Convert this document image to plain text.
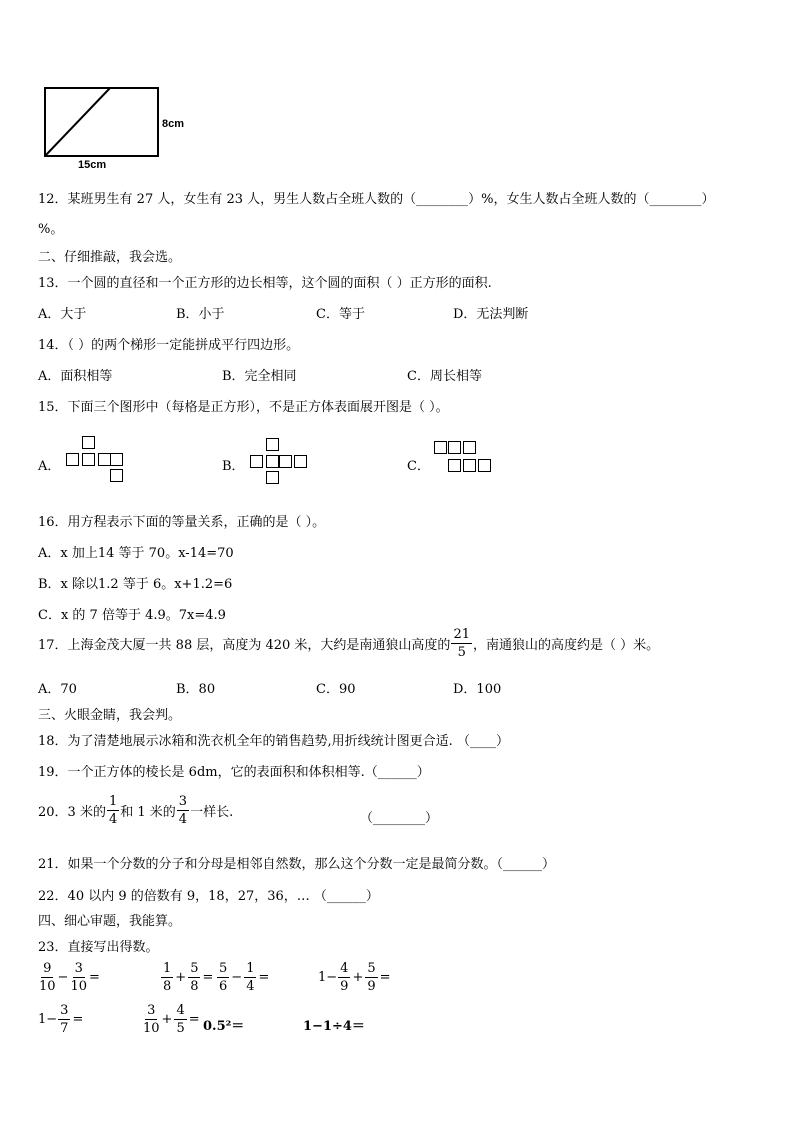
8cm
15cm
12．某班男生有 27 人，女生有 23 人，男生人数占全班人数的（________）%，女生人数占全班人数的（________）
%。
二、仔细推敲，我会选。
13．一个圆的直径和一个正方形的边长相等，这个圆的面积（ ）正方形的面积.
A．大于	B．小于	C．等于	D．无法判断
14．（ ）的两个梯形一定能拼成平行四边形。
A．面积相等	B．完全相同	C．周长相等
15．下面三个图形中（每格是正方形），不是正方体表面展开图是（ ）。
A．	B．	C．
16．用方程表示下面的等量关系，正确的是（ ）。
A．x 加上14 等于 70。x-14=70
B．x 除以1.2 等于 6。x+1.2=6
C．x 的 7 倍等于 4.9。7x=4.9
17．上海金茂大厦一共 88 层，高度为 420 米，大约是南通狼山高度的 $\frac{21}{5}$ ，南通狼山的高度约是（ ）米。
A．70	B．80	C．90	D．100
三、火眼金睛，我会判。
18．为了清楚地展示冰箱和洗衣机全年的销售趋势,用折线统计图更合适. （____）
19．一个正方体的棱长是 6dm，它的表面积和体积相等.（______）
20．3 米的 $\frac{1}{4}$ 和 1 米的 $\frac{3}{4}$ 一样长.	（________）
21．如果一个分数的分子和分母是相邻自然数，那么这个分数一定是最简分数。（______）
22．40 以内 9 的倍数有 9，18，27，36，… （______）
四、细心审题，我能算。
23．直接写出得数。
$\frac{9}{10} - \frac{3}{10}$ =	$\frac{1}{8} + \frac{5}{8} = \frac{5}{6} - \frac{1}{4}$ =	$1- \frac{4}{9} + \frac{5}{9}$ =
$1- \frac{3}{7}$ =	$\frac{3}{10} + \frac{4}{5} = 0.5^2=$	1−1÷4＝
